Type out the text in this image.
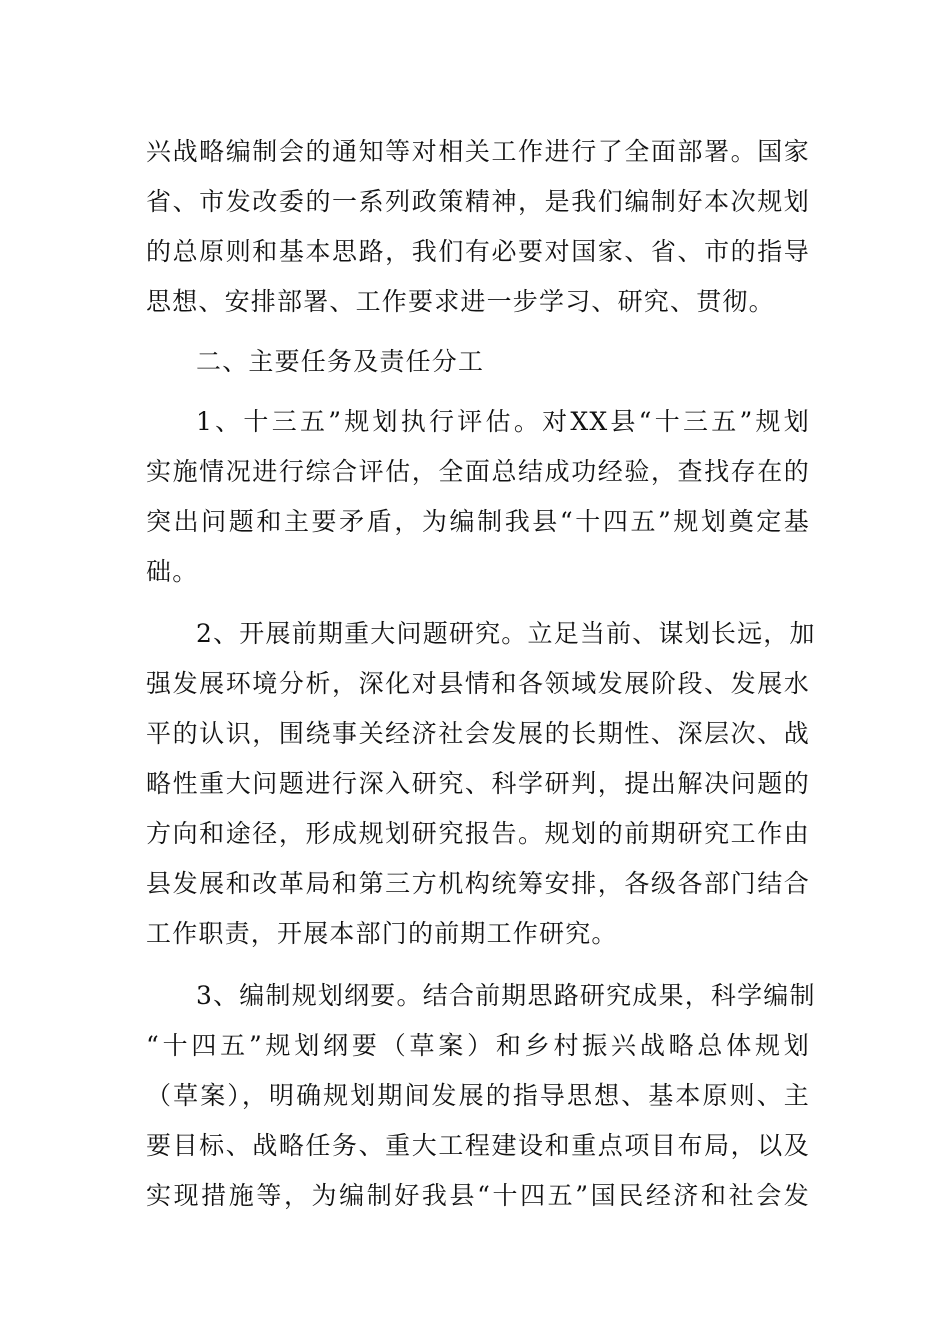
兴战略编制会的通知等对相关工作进行了全面部署。国家
省、市发改委的一系列政策精神，是我们编制好本次规划
的总原则和基本思路，我们有必要对国家、省、市的指导
思想、安排部署、工作要求进一步学习、研究、贯彻。
二、主要任务及责任分工
1、十三五”规划执行评估。对XX县“十三五”规划
实施情况进行综合评估，全面总结成功经验，查找存在的
突出问题和主要矛盾，为编制我县“十四五”规划奠定基
础。
2、开展前期重大问题研究。立足当前、谋划长远，加
强发展环境分析，深化对县情和各领域发展阶段、发展水
平的认识，围绕事关经济社会发展的长期性、深层次、战
略性重大问题进行深入研究、科学研判，提出解决问题的
方向和途径，形成规划研究报告。规划的前期研究工作由
县发展和改革局和第三方机构统筹安排，各级各部门结合
工作职责，开展本部门的前期工作研究。
3、编制规划纲要。结合前期思路研究成果，科学编制
“十四五”规划纲要（草案）和乡村振兴战略总体规划
（草案），明确规划期间发展的指导思想、基本原则、主
要目标、战略任务、重大工程建设和重点项目布局，以及
实现措施等，为编制好我县“十四五”国民经济和社会发
